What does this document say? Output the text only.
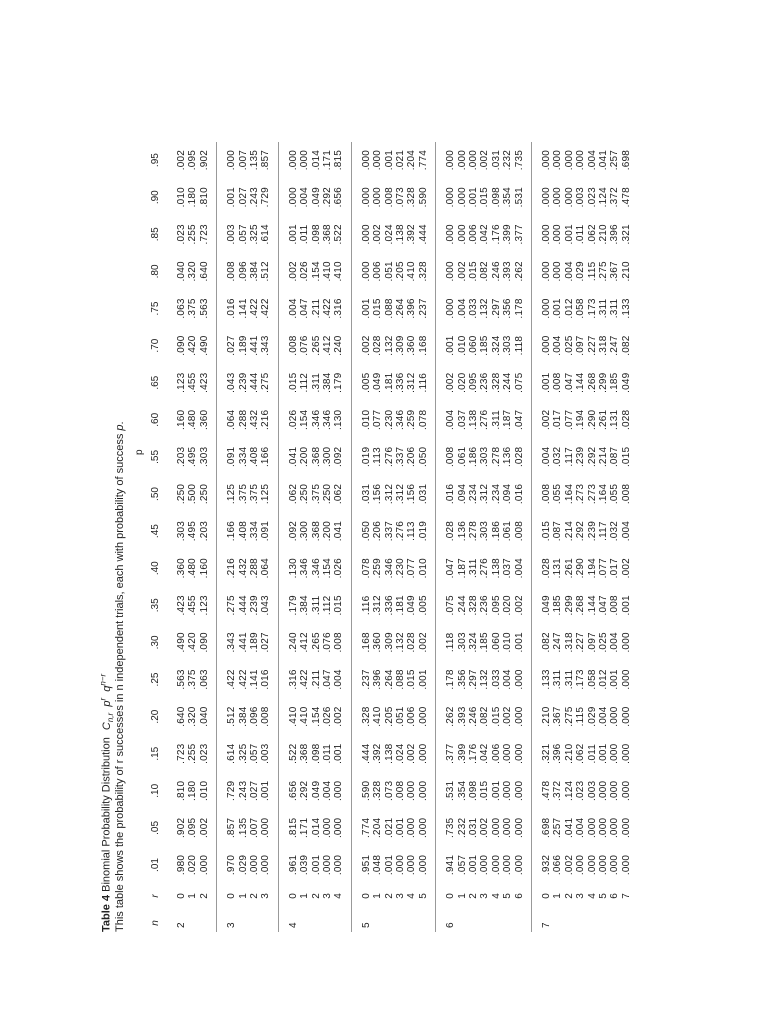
Table 4 Binomial Probability Distribution $C_{n,r}$  $p^r$  $q^{n-r}$ This table shows the probability of r successes in n independent trials, each with probability of success p.
p
n
r
.01
.05
.10
.15
.20
.25
.30
.35
.40
.45
.50
.55
.60
.65
.70
.75
.80
.85
.90
.95
2
0
.980
.902
.810
.723
.640
.563
.490
.423
.360
.303
.250
.203
.160
.123
.090
.063
.040
.023
.010
.002
1
.020
.095
.180
.255
.320
.375
.420
.455
.480
.495
.500
.495
.480
.455
.420
.375
.320
.255
.180
.095
2
.000
.002
.010
.023
.040
.063
.090
.123
.160
.203
.250
.303
.360
.423
.490
.563
.640
.723
.810
.902
3
0
.970
.857
.729
.614
.512
.422
.343
.275
.216
.166
.125
.091
.064
.043
.027
.016
.008
.003
.001
.000
1
.029
.135
.243
.325
.384
.422
.441
.444
.432
.408
.375
.334
.288
.239
.189
.141
.096
.057
.027
.007
2
.000
.007
.027
.057
.096
.141
.189
.239
.288
.334
.375
.408
.432
.444
.441
.422
.384
.325
.243
.135
3
.000
.000
.001
.003
.008
.016
.027
.043
.064
.091
.125
.166
.216
.275
.343
.422
.512
.614
.729
.857
4
0
.961
.815
.656
.522
.410
.316
.240
.179
.130
.092
.062
.041
.026
.015
.008
.004
.002
.001
.000
.000
1
.039
.171
.292
.368
.410
.422
.412
.384
.346
.300
.250
.200
.154
.112
.076
.047
.026
.011
.004
.000
2
.001
.014
.049
.098
.154
.211
.265
.311
.346
.368
.375
.368
.346
.311
.265
.211
.154
.098
.049
.014
3
.000
.000
.004
.011
.026
.047
.076
.112
.154
.200
.250
.300
.346
.384
.412
.422
.410
.368
.292
.171
4
.000
.000
.000
.001
.002
.004
.008
.015
.026
.041
.062
.092
.130
.179
.240
.316
.410
.522
.656
.815
5
0
.951
.774
.590
.444
.328
.237
.168
.116
.078
.050
.031
.019
.010
.005
.002
.001
.000
.000
.000
.000
1
.048
.204
.328
.392
.410
.396
.360
.312
.259
.206
.156
.113
.077
.049
.028
.015
.006
.002
.000
.000
2
.001
.021
.073
.138
.205
.264
.309
.336
.346
.337
.312
.276
.230
.181
.132
.088
.051
.024
.008
.001
3
.000
.001
.008
.024
.051
.088
.132
.181
.230
.276
.312
.337
.346
.336
.309
.264
.205
.138
.073
.021
4
.000
.000
.000
.002
.006
.015
.028
.049
.077
.113
.156
.206
.259
.312
.360
.396
.410
.392
.328
.204
5
.000
.000
.000
.000
.000
.001
.002
.005
.010
.019
.031
.050
.078
.116
.168
.237
.328
.444
.590
.774
6
0
.941
.735
.531
.377
.262
.178
.118
.075
.047
.028
.016
.008
.004
.002
.001
.000
.000
.000
.000
.000
1
.057
.232
.354
.399
.393
.356
.303
.244
.187
.136
.094
.061
.037
.020
.010
.004
.002
.000
.000
.000
2
.001
.031
.098
.176
.246
.297
.324
.328
.311
.278
.234
.186
.138
.095
.060
.033
.015
.006
.001
.000
3
.000
.002
.015
.042
.082
.132
.185
.236
.276
.303
.312
.303
.276
.236
.185
.132
.082
.042
.015
.002
4
.000
.000
.001
.006
.015
.033
.060
.095
.138
.186
.234
.278
.311
.328
.324
.297
.246
.176
.098
.031
5
.000
.000
.000
.000
.002
.004
.010
.020
.037
.061
.094
.136
.187
.244
.303
.356
.393
.399
.354
.232
6
.000
.000
.000
.000
.000
.000
.001
.002
.004
.008
.016
.028
.047
.075
.118
.178
.262
.377
.531
.735
7
0
.932
.698
.478
.321
.210
.133
.082
.049
.028
.015
.008
.004
.002
.001
.000
.000
.000
.000
.000
.000
1
.066
.257
.372
.396
.367
.311
.247
.185
.131
.087
.055
.032
.017
.008
.004
.001
.000
.000
.000
.000
2
.002
.041
.124
.210
.275
.311
.318
.299
.261
.214
.164
.117
.077
.047
.025
.012
.004
.001
.000
.000
3
.000
.004
.023
.062
.115
.173
.227
.268
.290
.292
.273
.239
.194
.144
.097
.058
.029
.011
.003
.000
4
.000
.000
.003
.011
.029
.058
.097
.144
.194
.239
.273
.292
.290
.268
.227
.173
.115
.062
.023
.004
5
.000
.000
.000
.001
.004
.012
.025
.047
.077
.117
.164
.214
.261
.299
.318
.311
.275
.210
.124
.041
6
.000
.000
.000
.000
.000
.001
.004
.008
.017
.032
.055
.087
.131
.185
.247
.311
.367
.396
.372
.257
7
.000
.000
.000
.000
.000
.000
.000
.001
.002
.004
.008
.015
.028
.049
.082
.133
.210
.321
.478
.698
